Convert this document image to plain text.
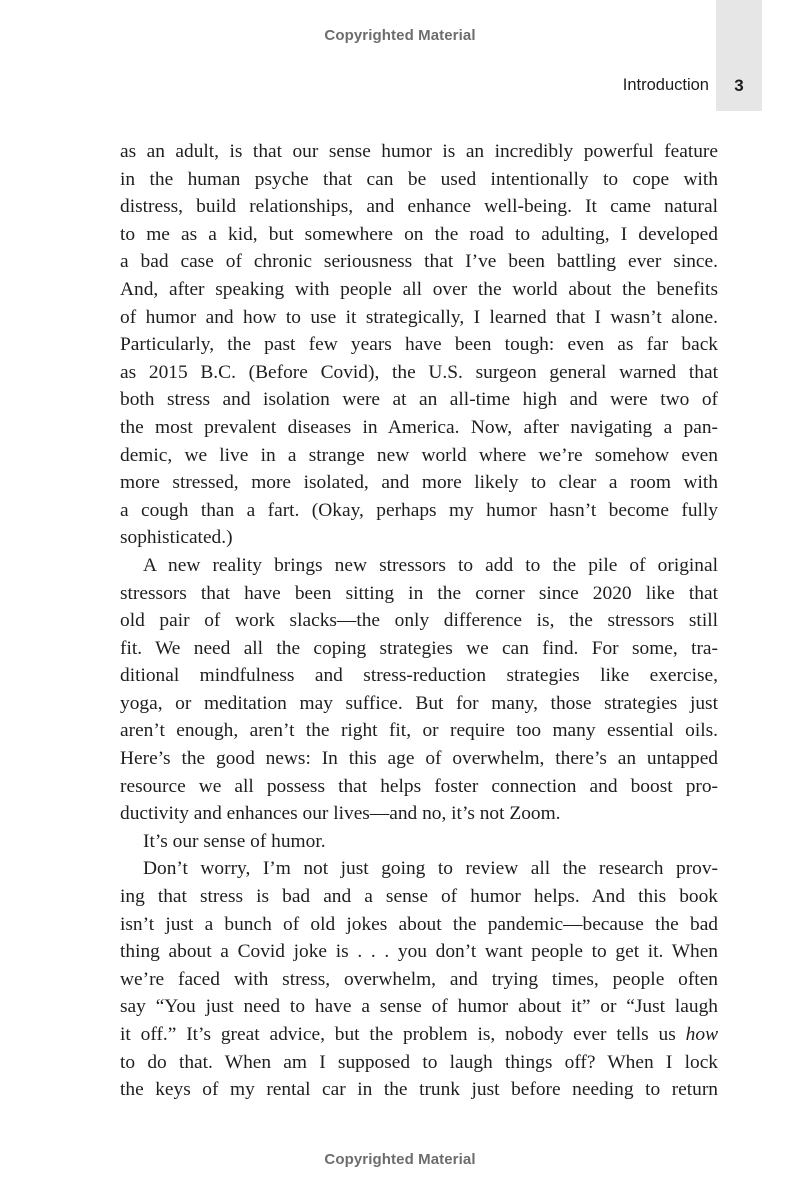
Copyrighted Material
Introduction	3
as an adult, is that our sense humor is an incredibly powerful feature
in the human psyche that can be used intentionally to cope with
distress, build relationships, and enhance well-being. It came natural
to me as a kid, but somewhere on the road to adulting, I developed
a bad case of chronic seriousness that I’ve been battling ever since.
And, after speaking with people all over the world about the benefits
of humor and how to use it strategically, I learned that I wasn’t alone.
Particularly, the past few years have been tough: even as far back
as 2015 B.C. (Before Covid), the U.S. surgeon general warned that
both stress and isolation were at an all-time high and were two of
the most prevalent diseases in America. Now, after navigating a pan-
demic, we live in a strange new world where we’re somehow even
more stressed, more isolated, and more likely to clear a room with
a cough than a fart. (Okay, perhaps my humor hasn’t become fully
sophisticated.)
A new reality brings new stressors to add to the pile of original
stressors that have been sitting in the corner since 2020 like that
old pair of work slacks—the only difference is, the stressors still
fit. We need all the coping strategies we can find. For some, tra-
ditional mindfulness and stress-reduction strategies like exercise,
yoga, or meditation may suffice. But for many, those strategies just
aren’t enough, aren’t the right fit, or require too many essential oils.
Here’s the good news: In this age of overwhelm, there’s an untapped
resource we all possess that helps foster connection and boost pro-
ductivity and enhances our lives—and no, it’s not Zoom.
It’s our sense of humor.
Don’t worry, I’m not just going to review all the research prov-
ing that stress is bad and a sense of humor helps. And this book
isn’t just a bunch of old jokes about the pandemic—because the bad
thing about a Covid joke is . . . you don’t want people to get it. When
we’re faced with stress, overwhelm, and trying times, people often
say “You just need to have a sense of humor about it” or “Just laugh
it off.” It’s great advice, but the problem is, nobody ever tells us how
to do that. When am I supposed to laugh things off? When I lock
the keys of my rental car in the trunk just before needing to return
Copyrighted Material
